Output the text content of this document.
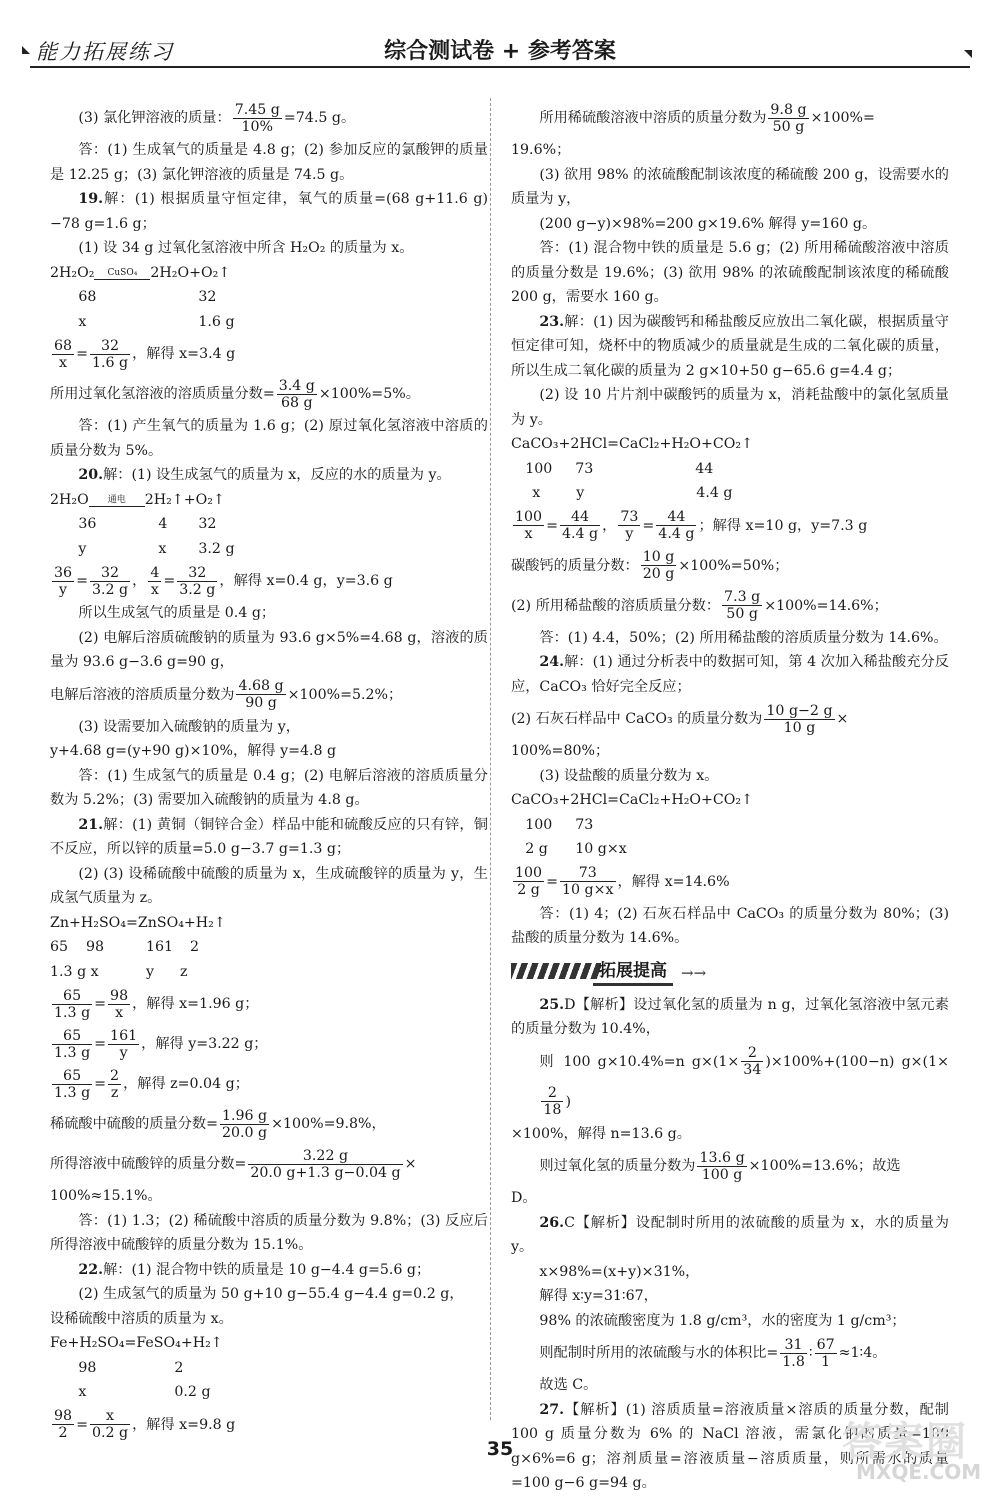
能力拓展练习	综合测试卷 + 参考答案

(3) 氯化钾溶液的质量： $\frac{7.45 g}{10\%} =74.5$ g。

答：(1) 生成氧气的质量是 4.8 g；(2) 参加反应的氯酸钾的质量是 12.25 g；(3) 氯化钾溶液的质量是 74.5 g。

19.解：(1) 根据质量守恒定律，氧气的质量=(68 g+11.6 g)−78 g=1.6 g；

(1) 设 34 g 过氧化氢溶液中所含 H₂O₂ 的质量为 x。

2H₂O₂ CuSO₄ 2H₂O+O₂↑

68	32
x	1.6 g

$\frac{68}{x} = \frac{32}{1.6 g}$ ，解得 x=3.4 g

所用过氧化氢溶液的溶质质量分数= $\frac{3.4 g}{68 g} \times 100\%=5\%$。

答：(1) 产生氧气的质量为 1.6 g；(2) 原过氧化氢溶液中溶质的质量分数为 5%。

20.解：(1) 设生成氢气的质量为 x，反应的水的质量为 y。

2H₂O 通电 2H₂↑+O₂↑

36	4	32
y	x	3.2 g

$\frac{36}{y} = \frac{32}{3.2 g}$ ， $\frac{4}{x} = \frac{32}{3.2 g}$ ，解得 x=0.4 g，y=3.6 g

所以生成氢气的质量是 0.4 g；

(2) 电解后溶质硫酸钠的质量为 93.6 g×5%=4.68 g，溶液的质量为 93.6 g−3.6 g=90 g，

电解后溶液的溶质质量分数为 $\frac{4.68 g}{90 g} \times 100\%=5.2\%$；

(3) 设需要加入硫酸钠的质量为 y，

y+4.68 g=(y+90 g)×10%，解得 y=4.8 g

答：(1) 生成氢气的质量是 0.4 g；(2) 电解后溶液的溶质质量分数为 5.2%；(3) 需要加入硫酸钠的质量为 4.8 g。

21.解：(1) 黄铜（铜锌合金）样品中能和硫酸反应的只有锌，铜不反应，所以锌的质量=5.0 g−3.7 g=1.3 g；

(2) (3) 设稀硫酸中硫酸的质量为 x，生成硫酸锌的质量为 y，生成氢气质量为 z。

Zn+H₂SO₄=ZnSO₄+H₂↑

65	98	161	2
1.3 g x	y	z

$\frac{65}{1.3 g} = \frac{98}{x}$ ，解得 x=1.96 g；

$\frac{65}{1.3 g} = \frac{161}{y}$ ，解得 y=3.22 g；

$\frac{65}{1.3 g} = \frac{2}{z}$ ，解得 z=0.04 g；

稀硫酸中硫酸的质量分数= $\frac{1.96 g}{20.0 g} \times 100\%=9.8\%$，

所得溶液中硫酸锌的质量分数= $\frac{3.22 g}{20.0 g+1.3 g-0.04 g}$ ×

100%≈15.1%。

答：(1) 1.3；(2) 稀硫酸中溶质的质量分数为 9.8%；(3) 反应后所得溶液中硫酸锌的质量分数为 15.1%。

22.解：(1) 混合物中铁的质量是 10 g−4.4 g=5.6 g；

(2) 生成氢气的质量为 50 g+10 g−55.4 g−4.4 g=0.2 g，

设稀硫酸中溶质的质量为 x。

Fe+H₂SO₄=FeSO₄+H₂↑

98	2
x	0.2 g

$\frac{98}{2} = \frac{x}{0.2 g}$ ，解得 x=9.8 g

所用稀硫酸溶液中溶质的质量分数为 $\frac{9.8 g}{50 g} \times 100\%=$

19.6%；

(3) 欲用 98% 的浓硫酸配制该浓度的稀硫酸 200 g，设需要水的质量为 y，

(200 g−y)×98%=200 g×19.6% 解得 y=160 g。

答：(1) 混合物中铁的质量是 5.6 g；(2) 所用稀硫酸溶液中溶质的质量分数是 19.6%；(3) 欲用 98% 的浓硫酸配制该浓度的稀硫酸 200 g，需要水 160 g。

23.解：(1) 因为碳酸钙和稀盐酸反应放出二氧化碳，根据质量守恒定律可知，烧杯中的物质减少的质量就是生成的二氧化碳的质量，所以生成二氧化碳的质量为 2 g×10+50 g−65.6 g=4.4 g；

(2) 设 10 片片剂中碳酸钙的质量为 x，消耗盐酸中的氯化氢质量为 y。

CaCO₃+2HCl=CaCl₂+H₂O+CO₂↑

100	73	44
x	y	4.4 g

$\frac{100}{x} = \frac{44}{4.4 g}$ ， $\frac{73}{y} = \frac{44}{4.4 g}$ ；解得 x=10 g，y=7.3 g

碳酸钙的质量分数： $\frac{10 g}{20 g} \times 100\%=50\%$；

(2) 所用稀盐酸的溶质质量分数： $\frac{7.3 g}{50 g} \times 100\%=14.6\%$；

答：(1) 4.4，50%；(2) 所用稀盐酸的溶质质量分数为 14.6%。

24.解：(1) 通过分析表中的数据可知，第 4 次加入稀盐酸充分反应，CaCO₃ 恰好完全反应；

(2) 石灰石样品中 CaCO₃ 的质量分数为 $\frac{10 g-2 g}{10 g}$ ×

100%=80%；

(3) 设盐酸的质量分数为 x。

CaCO₃+2HCl=CaCl₂+H₂O+CO₂↑

100	73
2 g	10 g×x

$\frac{100}{2 g} = \frac{73}{10 g\times x}$ ，解得 x=14.6%

答：(1) 4；(2) 石灰石样品中 CaCO₃ 的质量分数为 80%；(3) 盐酸的质量分数为 14.6%。

拓展提高 →→

25.D【解析】设过氧化氢的质量为 n g，过氧化氢溶液中氢元素的质量分数为 10.4%，

则 100 g×10.4%=n $g\times(1\times \frac{2}{34} )\times 100\%+(100-n)$ g×(1×
$\frac{2}{18}$ )

×100%，解得 n=13.6 g。

则过氧化氢的质量分数为 $\frac{13.6 g}{100 g} \times 100\%=13.6\%$；故选

D。

26.C【解析】设配制时所用的浓硫酸的质量为 x，水的质量为 y。

x×98%=(x+y)×31%，

解得 x∶y=31∶67，

98% 的浓硫酸密度为 1.8 g/cm³，水的密度为 1 g/cm³；

则配制时所用的浓硫酸与水的体积比= $\frac{31}{1.8}$ ∶ $\frac{67}{1}$ ≈1∶4。

故选 C。

27.【解析】(1) 溶质质量=溶液质量×溶质的质量分数，配制 100 g 质量分数为 6% 的 NaCl 溶液，需氯化钠的质量=100 g×6%=6 g；溶剂质量=溶液质量−溶质质量，则所需水的质量=100 g−6 g=94 g。

35	答案圈
MXQE.COM
